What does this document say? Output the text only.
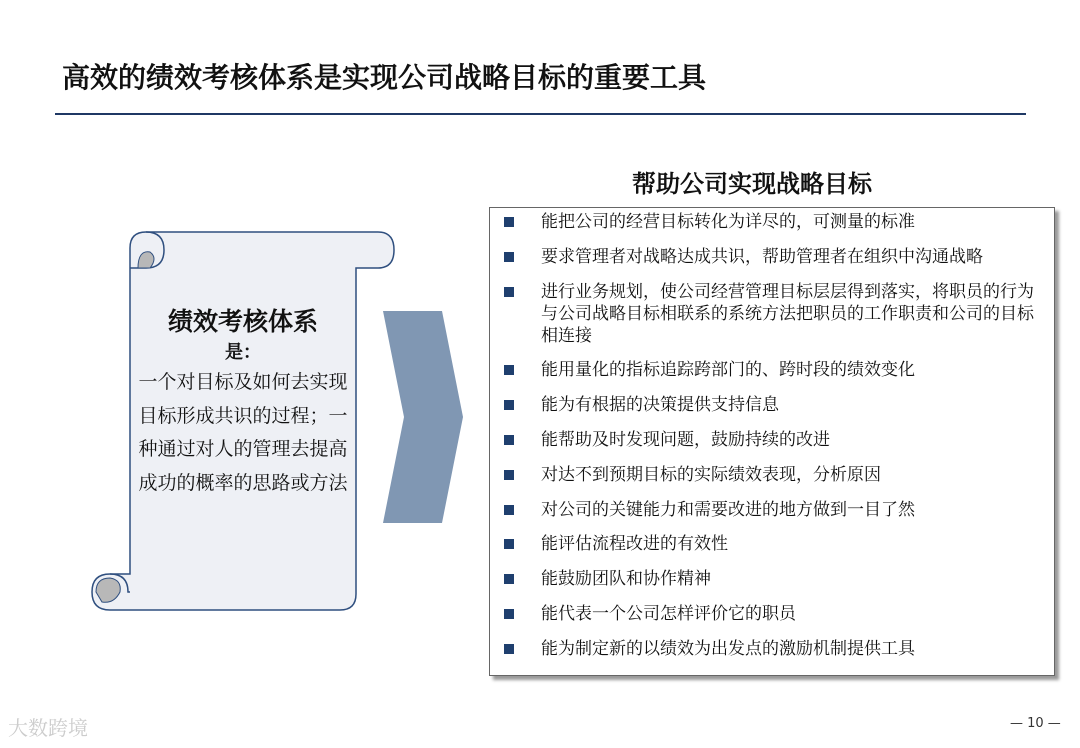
高效的绩效考核体系是实现公司战略目标的重要工具
绩效考核体系
是：
一个对目标及如何去实现目标形成共识的过程；一种通过对人的管理去提高成功的概率的思路或方法
帮助公司实现战略目标
能把公司的经营目标转化为详尽的，可测量的标准
要求管理者对战略达成共识，帮助管理者在组织中沟通战略
进行业务规划，使公司经营管理目标层层得到落实，将职员的行为与公司战略目标相联系的系统方法把职员的工作职责和公司的目标相连接
能用量化的指标追踪跨部门的、跨时段的绩效变化
能为有根据的决策提供支持信息
能帮助及时发现问题，鼓励持续的改进
对达不到预期目标的实际绩效表现，分析原因
对公司的关键能力和需要改进的地方做到一目了然
能评估流程改进的有效性
能鼓励团队和协作精神
能代表一个公司怎样评价它的职员
能为制定新的以绩效为出发点的激励机制提供工具
大数跨境	— 10 —
